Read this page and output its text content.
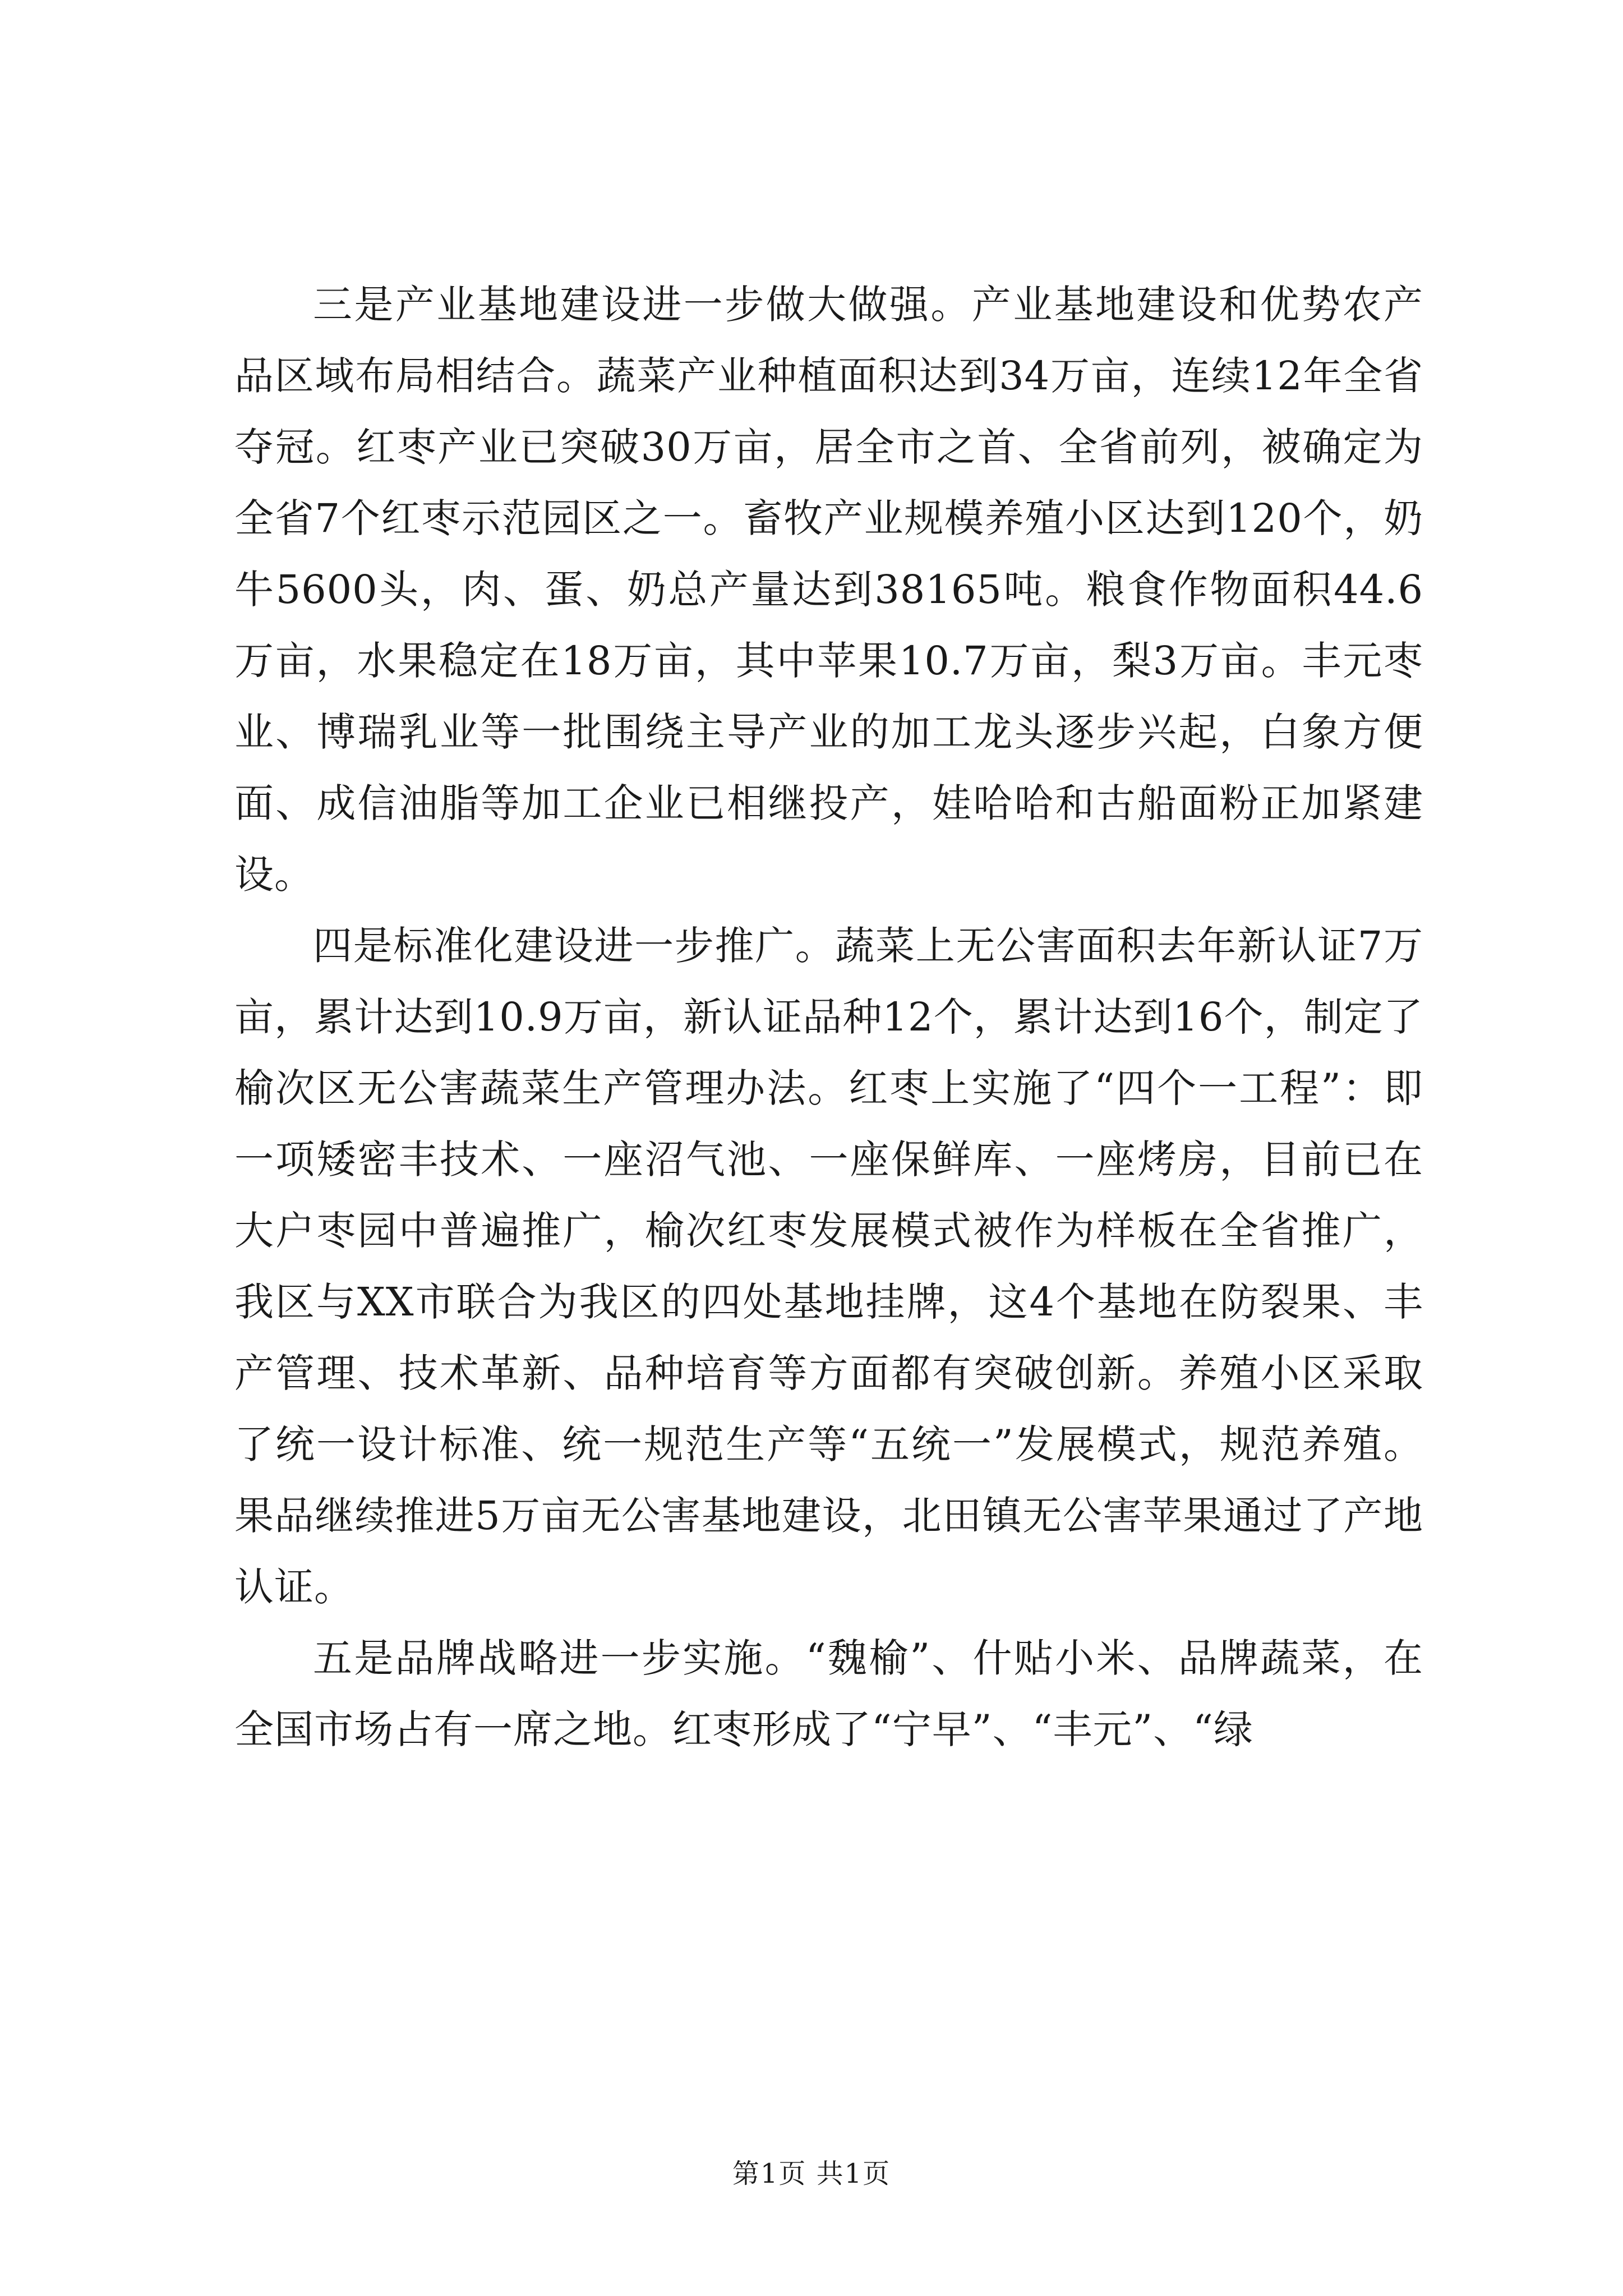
三是产业基地建设进一步做大做强。产业基地建设和优势农产品区域布局相结合。蔬菜产业种植面积达到34万亩，连续12年全省夺冠。红枣产业已突破30万亩，居全市之首、全省前列，被确定为全省7个红枣示范园区之一。畜牧产业规模养殖小区达到120个，奶牛5600头，肉、蛋、奶总产量达到38165吨。粮食作物面积44.6万亩，水果稳定在18万亩，其中苹果10.7万亩，梨3万亩。丰元枣业、博瑞乳业等一批围绕主导产业的加工龙头逐步兴起，白象方便面、成信油脂等加工企业已相继投产，娃哈哈和古船面粉正加紧建设。

四是标准化建设进一步推广。蔬菜上无公害面积去年新认证7万亩，累计达到10.9万亩，新认证品种12个，累计达到16个，制定了榆次区无公害蔬菜生产管理办法。红枣上实施了“四个一工程”：即一项矮密丰技术、一座沼气池、一座保鲜库、一座烤房，目前已在大户枣园中普遍推广，榆次红枣发展模式被作为样板在全省推广，我区与XX市联合为我区的四处基地挂牌，这4个基地在防裂果、丰产管理、技术革新、品种培育等方面都有突破创新。养殖小区采取了统一设计标准、统一规范生产等“五统一”发展模式，规范养殖。果品继续推进5万亩无公害基地建设，北田镇无公害苹果通过了产地认证。

五是品牌战略进一步实施。“魏榆”、什贴小米、品牌蔬菜，在全国市场占有一席之地。红枣形成了“宁早”、“丰元”、“绿

第1页 共1页
